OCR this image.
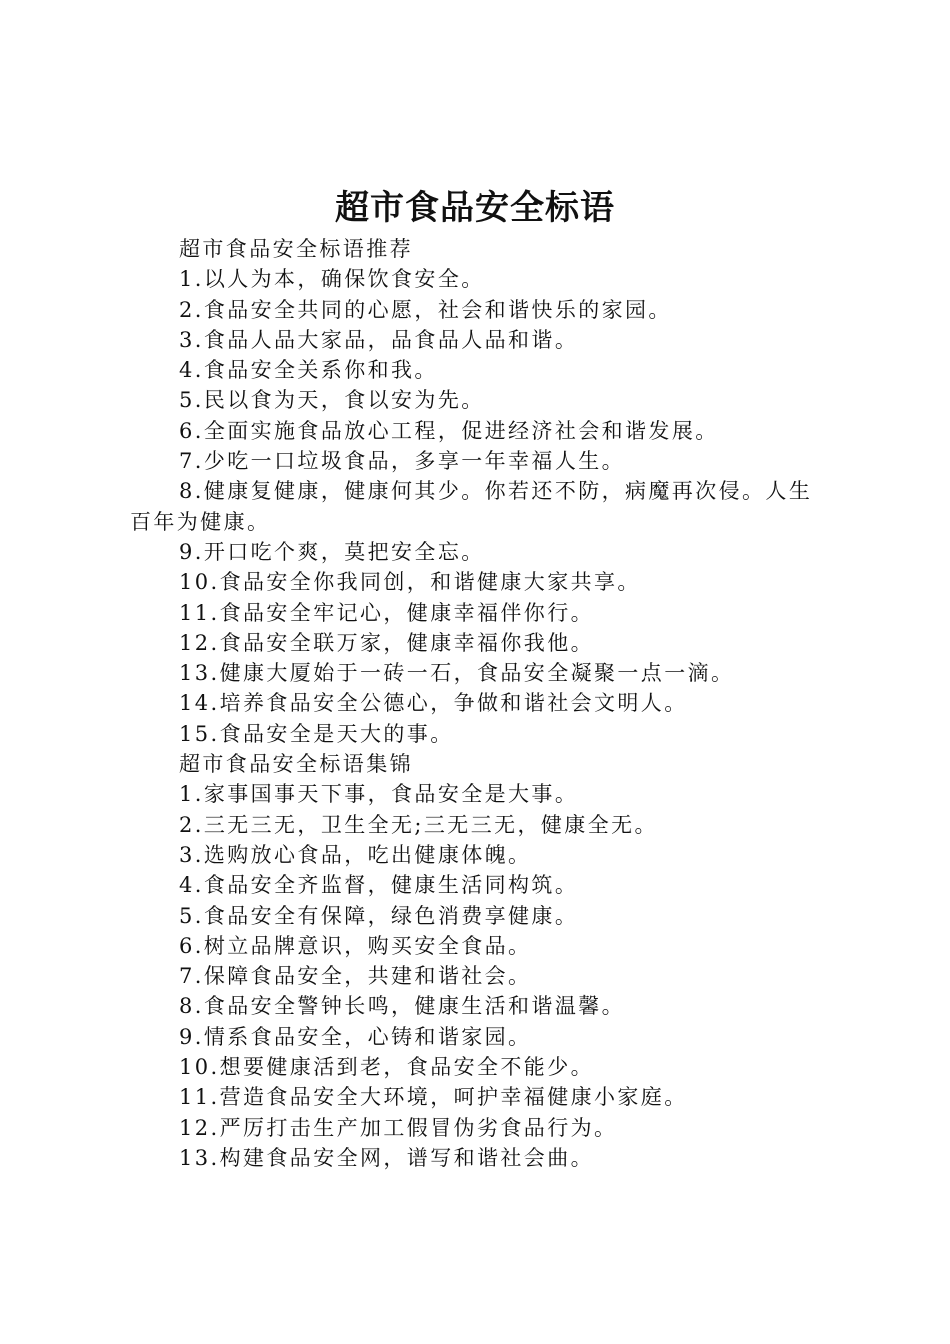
超市食品安全标语

超市食品安全标语推荐

1.以人为本，确保饮食安全。

2.食品安全共同的心愿，社会和谐快乐的家园。

3.食品人品大家品，品食品人品和谐。

4.食品安全关系你和我。

5.民以食为天，食以安为先。

6.全面实施食品放心工程，促进经济社会和谐发展。

7.少吃一口垃圾食品，多享一年幸福人生。

8.健康复健康，健康何其少。你若还不防，病魔再次侵。人生百年为健康。

9.开口吃个爽，莫把安全忘。

10.食品安全你我同创，和谐健康大家共享。

11.食品安全牢记心，健康幸福伴你行。

12.食品安全联万家，健康幸福你我他。

13.健康大厦始于一砖一石，食品安全凝聚一点一滴。

14.培养食品安全公德心，争做和谐社会文明人。

15.食品安全是天大的事。

超市食品安全标语集锦

1.家事国事天下事，食品安全是大事。

2.三无三无，卫生全无;三无三无，健康全无。

3.选购放心食品，吃出健康体魄。

4.食品安全齐监督，健康生活同构筑。

5.食品安全有保障，绿色消费享健康。

6.树立品牌意识，购买安全食品。

7.保障食品安全，共建和谐社会。

8.食品安全警钟长鸣，健康生活和谐温馨。

9.情系食品安全，心铸和谐家园。

10.想要健康活到老，食品安全不能少。

11.营造食品安全大环境，呵护幸福健康小家庭。

12.严厉打击生产加工假冒伪劣食品行为。

13.构建食品安全网，谱写和谐社会曲。
